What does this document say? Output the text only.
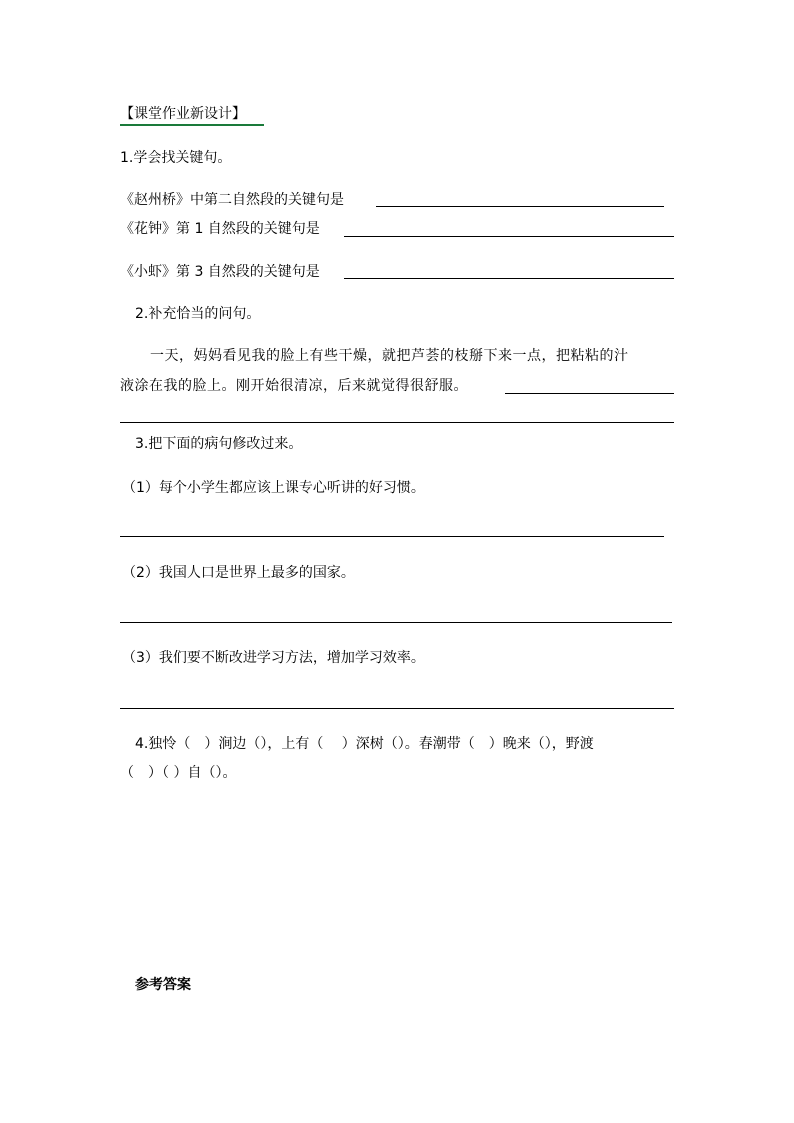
【课堂作业新设计】
1.学会找关键句。
《赵州桥》中第二自然段的关键句是
《花钟》第 1 自然段的关键句是
《小虾》第 3 自然段的关键句是
2.补充恰当的问句。
一天，妈妈看见我的脸上有些干燥，就把芦荟的枝掰下来一点，把粘粘的汁
液涂在我的脸上。刚开始很清凉，后来就觉得很舒服。
3.把下面的病句修改过来。
（1）每个小学生都应该上课专心听讲的好习惯。
（2）我国人口是世界上最多的国家。
（3）我们要不断改进学习方法，增加学习效率。
4.独怜（　）涧边（），上有（　 ）深树（）。春潮带（　）晚来（），野渡
（　）（ ）自（）。
参考答案
